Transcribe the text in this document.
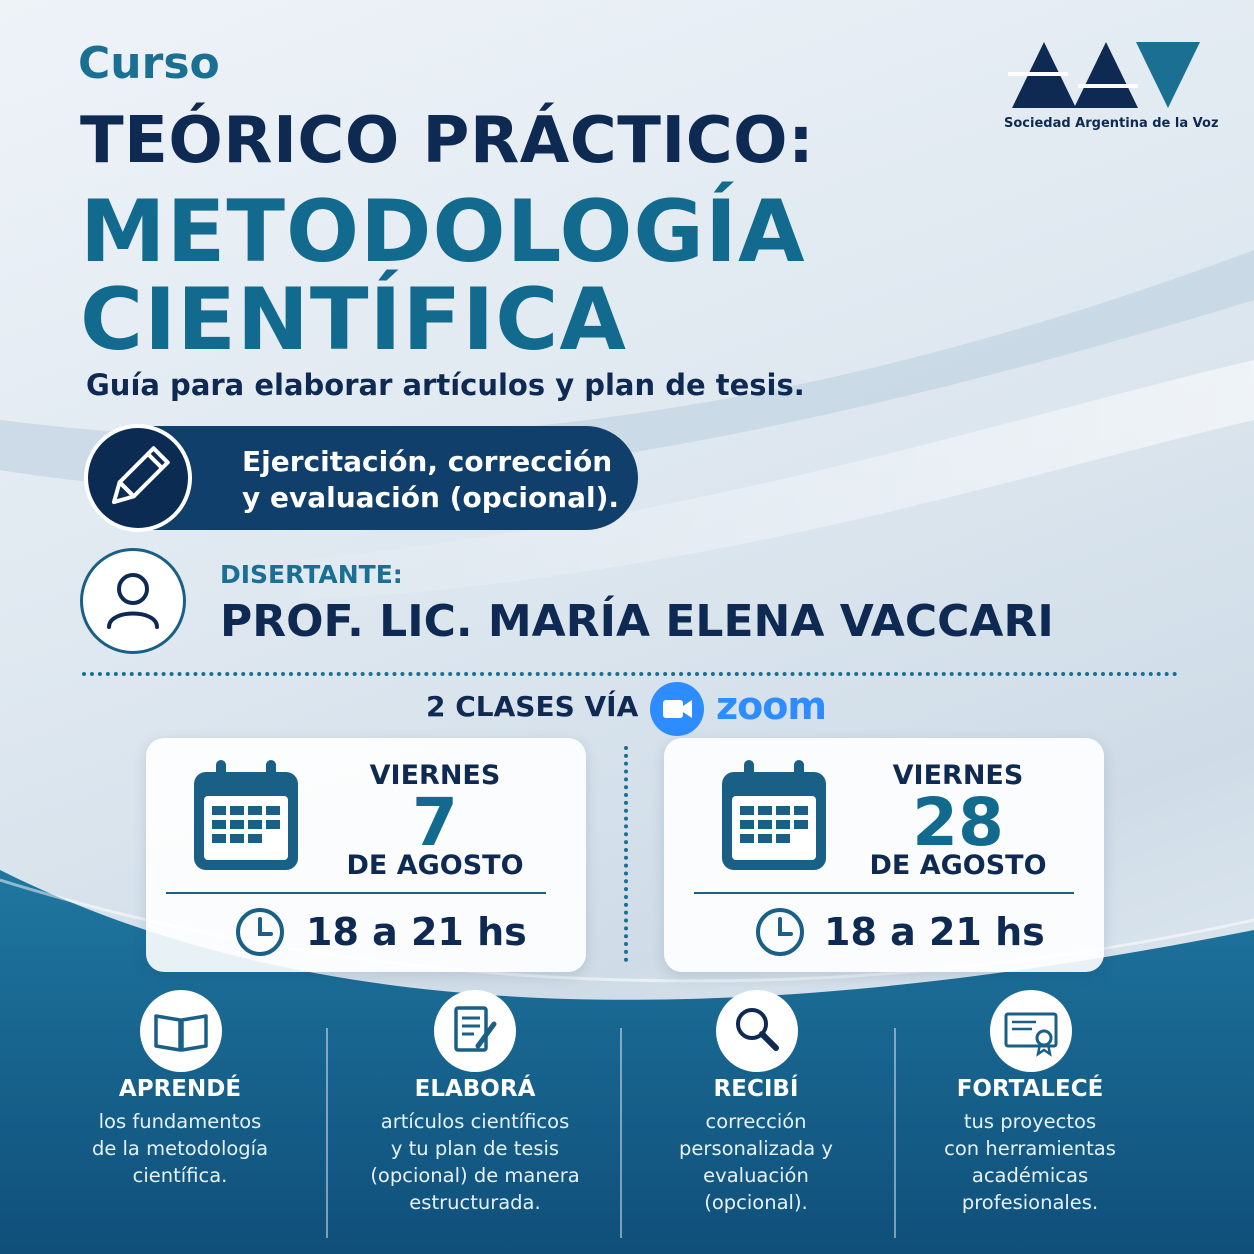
Curso
TEÓRICO PRÁCTICO:
METODOLOGÍA
CIENTÍFICA
Guía para elaborar artículos y plan de tesis.
Sociedad Argentina de la Voz
Ejercitación, corrección
y evaluación (opcional).
DISERTANTE:
PROF. LIC. MARÍA ELENA VACCARI
2 CLASES VÍA zoom
VIERNES
7
DE AGOSTO
18 a 21 hs
VIERNES
28
DE AGOSTO
18 a 21 hs
APRENDÉ
los fundamentos
de la metodología
científica.
ELABORÁ
artículos científicos
y tu plan de tesis
(opcional) de manera
estructurada.
RECIBÍ
corrección
personalizada y
evaluación
(opcional).
FORTALECÉ
tus proyectos
con herramientas
académicas
profesionales.
